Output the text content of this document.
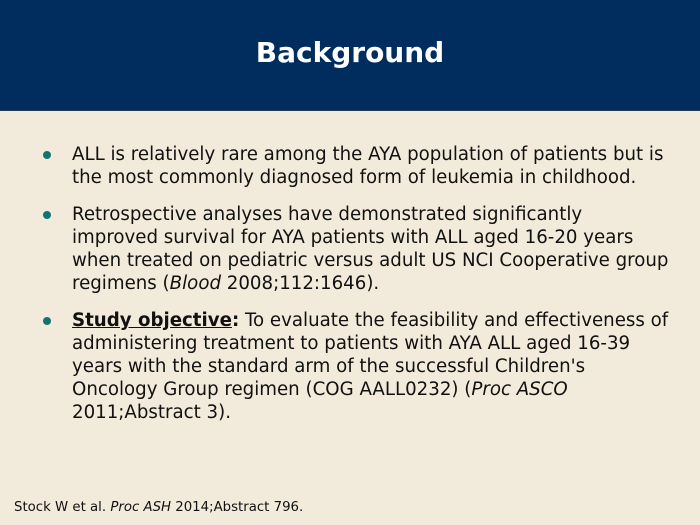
Background
ALL is relatively rare among the AYA population of patients but is the most commonly diagnosed form of leukemia in childhood.
Retrospective analyses have demonstrated significantly improved survival for AYA patients with ALL aged 16-20 years when treated on pediatric versus adult US NCI Cooperative group regimens (Blood 2008;112:1646).
Study objective: To evaluate the feasibility and effectiveness of administering treatment to patients with AYA ALL aged 16-39 years with the standard arm of the successful Children's Oncology Group regimen (COG AALL0232) (Proc ASCO 2011;Abstract 3).
Stock W et al. Proc ASH 2014;Abstract 796.
